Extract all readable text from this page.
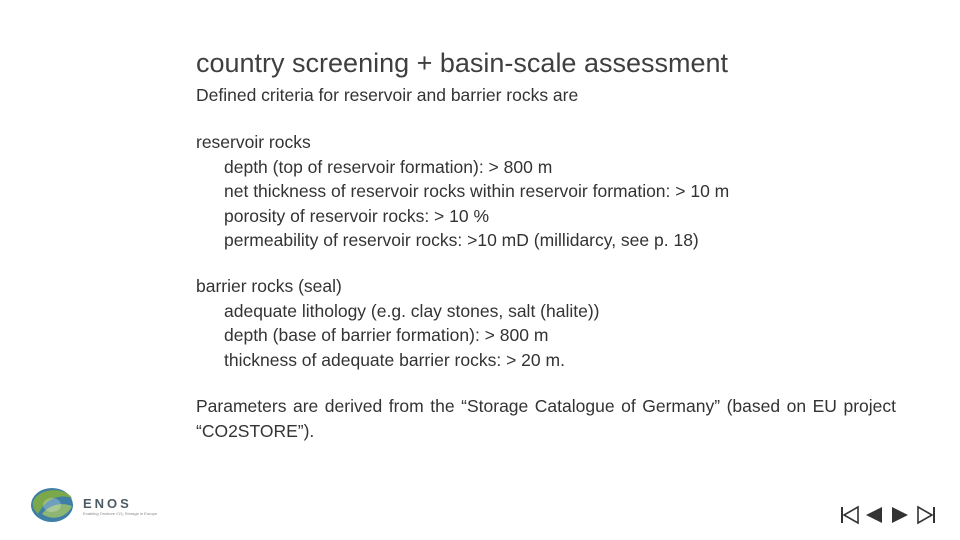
country screening + basin-scale assessment
Defined criteria for reservoir and barrier rocks are
reservoir rocks
depth (top of reservoir formation): > 800 m
net thickness of reservoir rocks within reservoir formation: > 10 m
porosity of reservoir rocks: > 10 %
permeability of reservoir rocks: >10 mD (millidarcy, see p. 18)
barrier rocks (seal)
adequate lithology (e.g. clay stones, salt (halite))
depth (base of barrier formation): > 800 m
thickness of adequate barrier rocks: > 20 m.
Parameters are derived from the “Storage Catalogue of Germany” (based on EU project “CO2STORE”).
ENOS
Enabling Onshore CO₂ Storage in Europe
